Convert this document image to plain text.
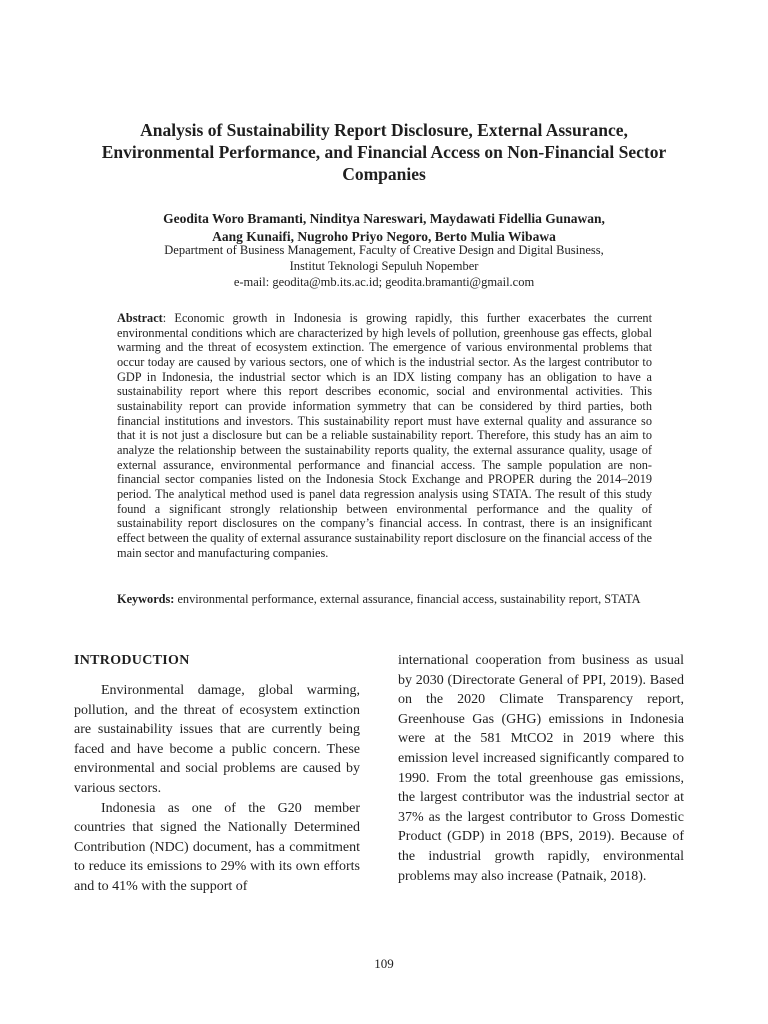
Analysis of Sustainability Report Disclosure, External Assurance, Environmental Performance, and Financial Access on Non-Financial Sector Companies
Geodita Woro Bramanti, Ninditya Nareswari, Maydawati Fidellia Gunawan,
Aang Kunaifi, Nugroho Priyo Negoro, Berto Mulia Wibawa
Department of Business Management, Faculty of Creative Design and Digital Business,
Institut Teknologi Sepuluh Nopember
e-mail: geodita@mb.its.ac.id; geodita.bramanti@gmail.com

Abstract: Economic growth in Indonesia is growing rapidly, this further exacerbates the current environmental conditions which are characterized by high levels of pollution, greenhouse gas effects, global warming and the threat of ecosystem extinction. The emergence of various environmental problems that occur today are caused by various sectors, one of which is the industrial sector. As the largest contributor to GDP in Indonesia, the industrial sector which is an IDX listing company has an obligation to have a sustainability report where this report describes economic, social and environmental activities. This sustainability report can provide information symmetry that can be considered by third parties, both financial institutions and investors. This sustainability report must have external quality and assurance so that it is not just a disclosure but can be a reliable sustainability report. Therefore, this study has an aim to analyze the relationship between the sustainability reports quality, the external assurance quality, usage of external assurance, environmental performance and financial access. The sample population are non-financial sector companies listed on the Indonesia Stock Exchange and PROPER during the 2014–2019 period. The analytical method used is panel data regression analysis using STATA. The result of this study found a significant strongly relationship between environmental performance and the quality of sustainability report disclosures on the company’s financial access. In contrast, there is an insignificant effect between the quality of external assurance sustainability report disclosure on the financial access of the main sector and manufacturing companies.

Keywords: environmental performance, external assurance, financial access, sustainability report, STATA

INTRODUCTION

Environmental damage, global warming, pollution, and the threat of ecosystem extinction are sustainability issues that are currently being faced and have become a public concern. These environmental and social problems are caused by various sectors.

Indonesia as one of the G20 member countries that signed the Nationally Determined Contribution (NDC) document, has a commitment to reduce its emissions to 29% with its own efforts and to 41% with the support of

international cooperation from business as usual by 2030 (Directorate General of PPI, 2019). Based on the 2020 Climate Transparency report, Greenhouse Gas (GHG) emissions in Indonesia were at the 581 MtCO2 in 2019 where this emission level increased significantly compared to 1990. From the total greenhouse gas emissions, the largest contributor was the industrial sector at 37% as the largest contributor to Gross Domestic Product (GDP) in 2018 (BPS, 2019). Because of the industrial growth rapidly, environmental problems may also increase (Patnaik, 2018).

109
